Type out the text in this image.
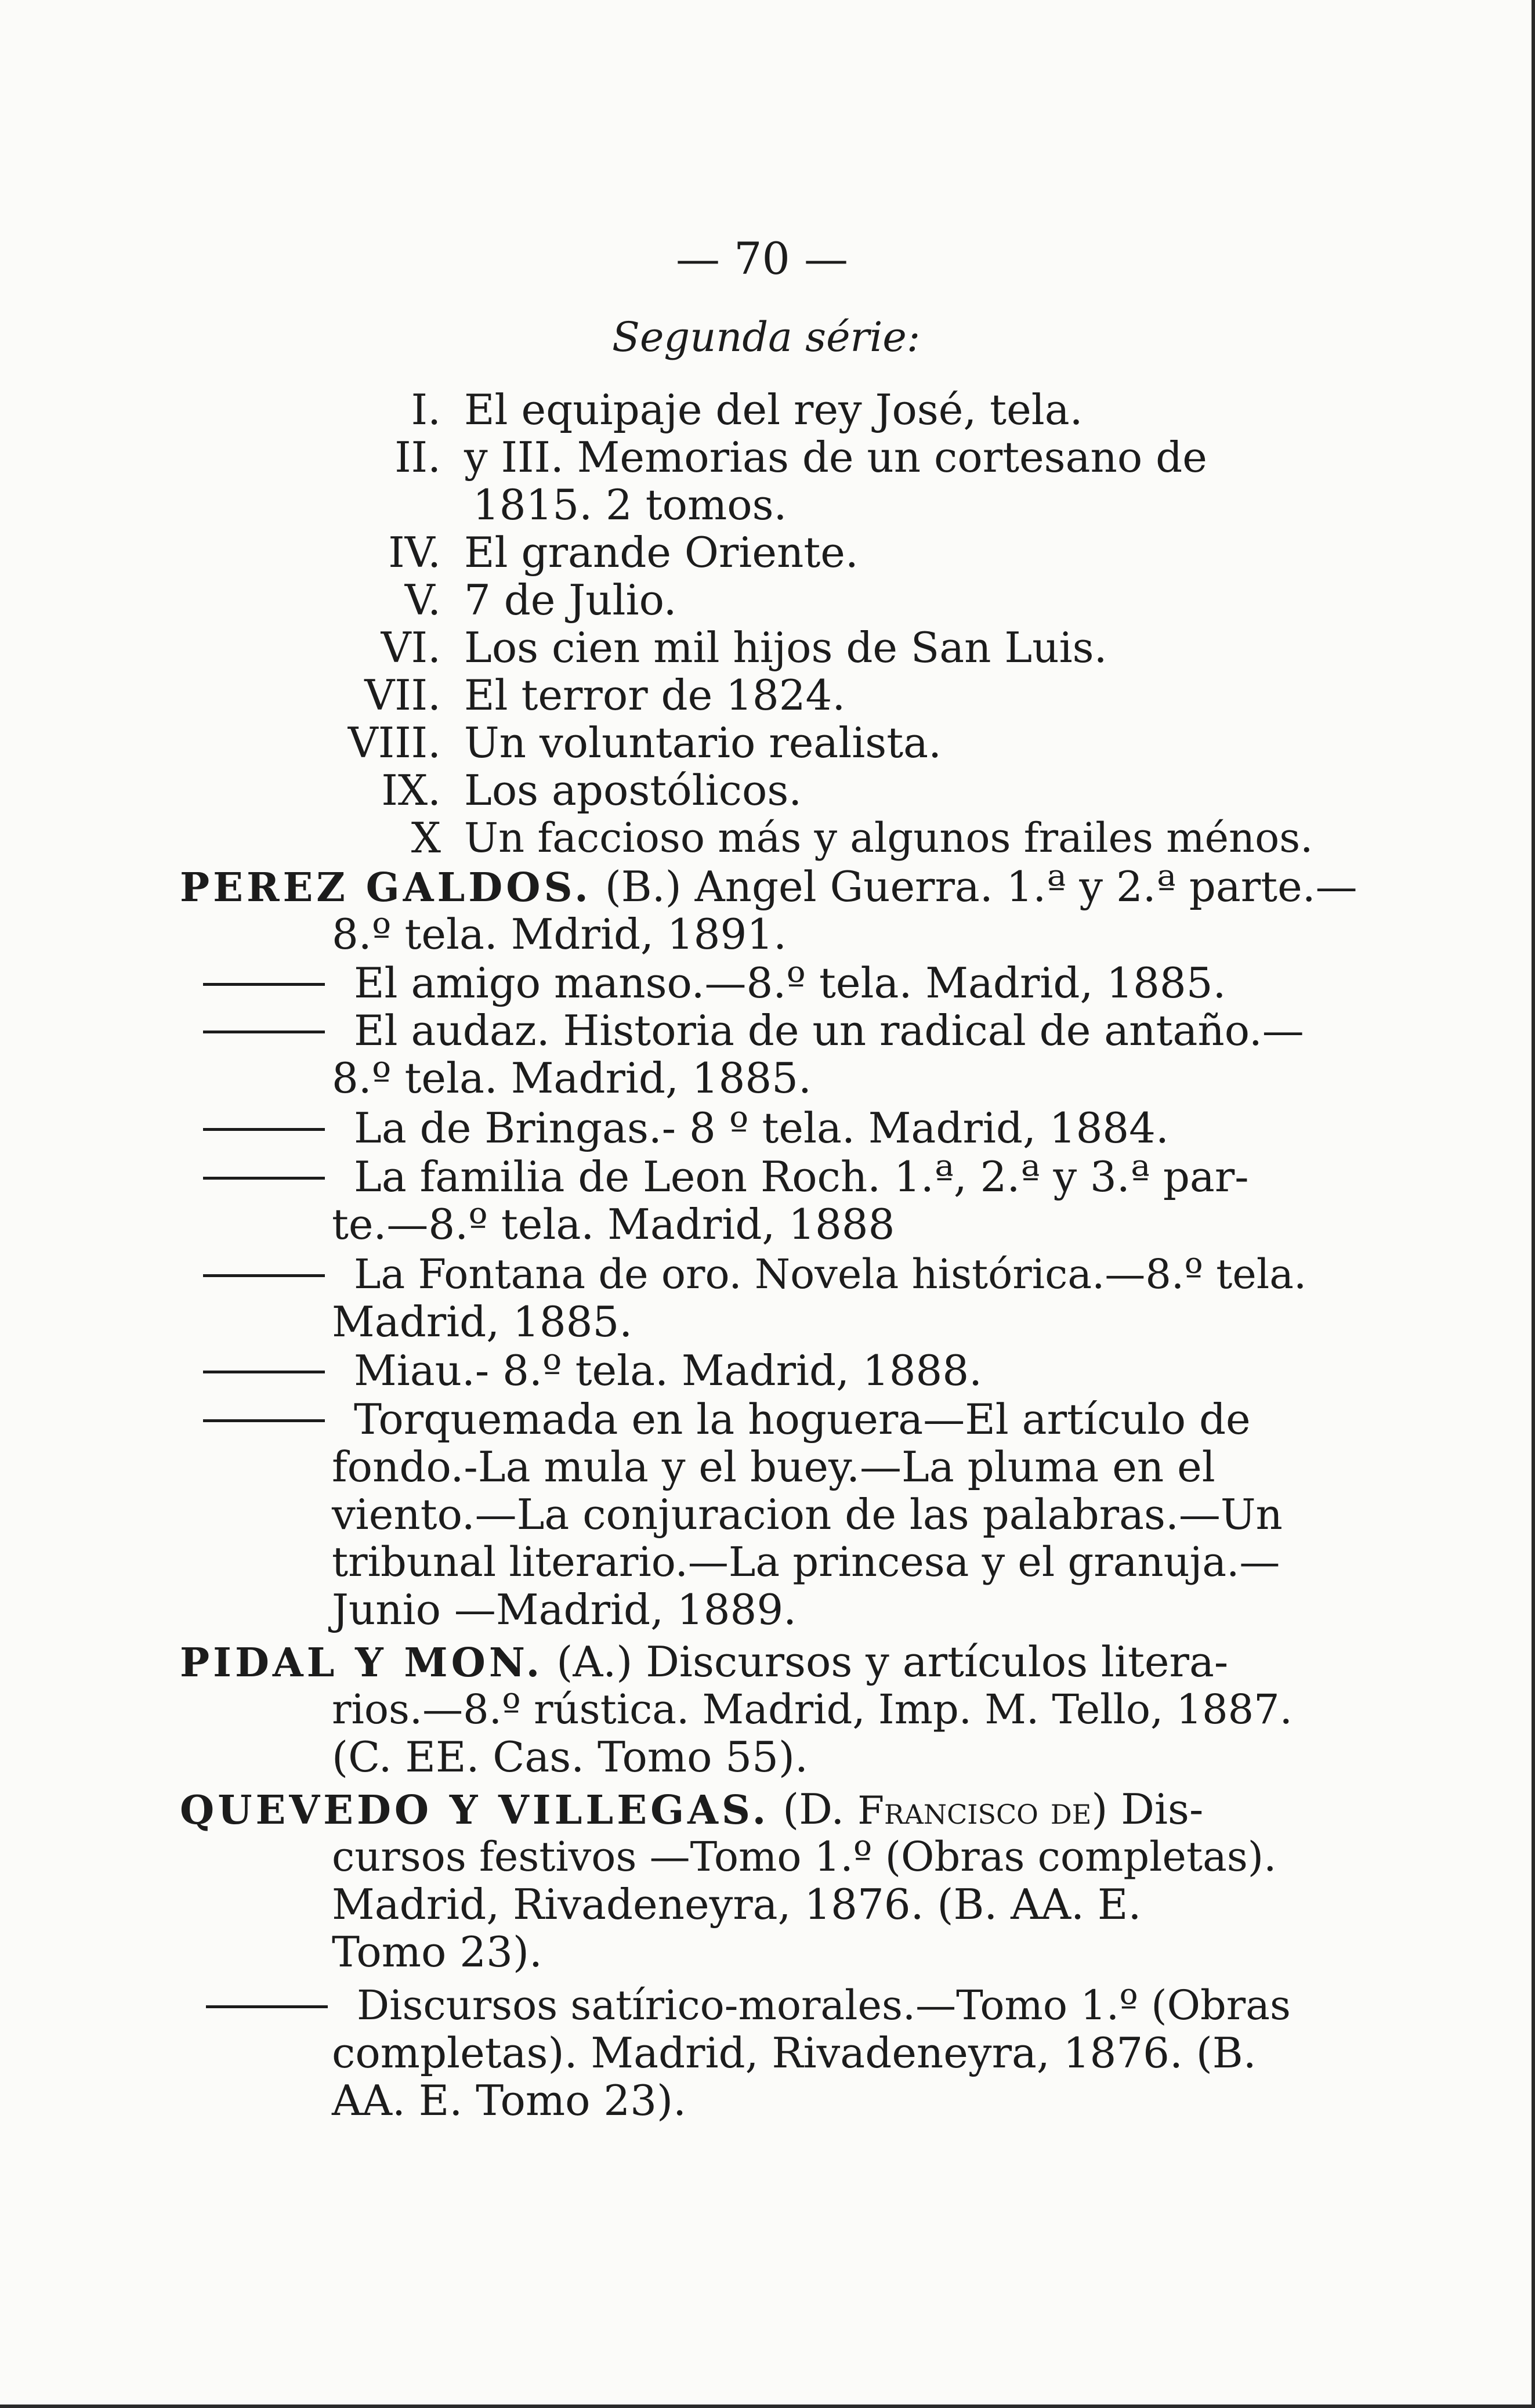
— 70 —
Segunda série:
I. El equipaje del rey José, tela.
II. y III. Memorias de un cortesano de
1815. 2 tomos.
IV. El grande Oriente.
V. 7 de Julio.
VI. Los cien mil hijos de San Luis.
VII. El terror de 1824.
VIII. Un voluntario realista.
IX. Los apostólicos.
X Un faccioso más y algunos frailes ménos.
PEREZ GALDOS. (B.) Angel Guerra. 1.ª y 2.ª parte.—
8.º tela. Mdrid, 1891.
El amigo manso.—8.º tela. Madrid, 1885.
El audaz. Historia de un radical de antaño.—
8.º tela. Madrid, 1885.
La de Bringas.- 8 º tela. Madrid, 1884.
La familia de Leon Roch. 1.ª, 2.ª y 3.ª par-
te.—8.º tela. Madrid, 1888
La Fontana de oro. Novela histórica.—8.º tela.
Madrid, 1885.
Miau.- 8.º tela. Madrid, 1888.
Torquemada en la hoguera—El artículo de
fondo.-La mula y el buey.—La pluma en el
viento.—La conjuracion de las palabras.—Un
tribunal literario.—La princesa y el granuja.—
Junio —Madrid, 1889.
PIDAL Y MON. (A.) Discursos y artículos litera-
rios.—8.º rústica. Madrid, Imp. M. Tello, 1887.
(C. EE. Cas. Tomo 55).
QUEVEDO Y VILLEGAS. (D. Francisco de) Dis-
cursos festivos —Tomo 1.º (Obras completas).
Madrid, Rivadeneyra, 1876. (B. AA. E.
Tomo 23).
Discursos satírico-morales.—Tomo 1.º (Obras
completas). Madrid, Rivadeneyra, 1876. (B.
AA. E. Tomo 23).
